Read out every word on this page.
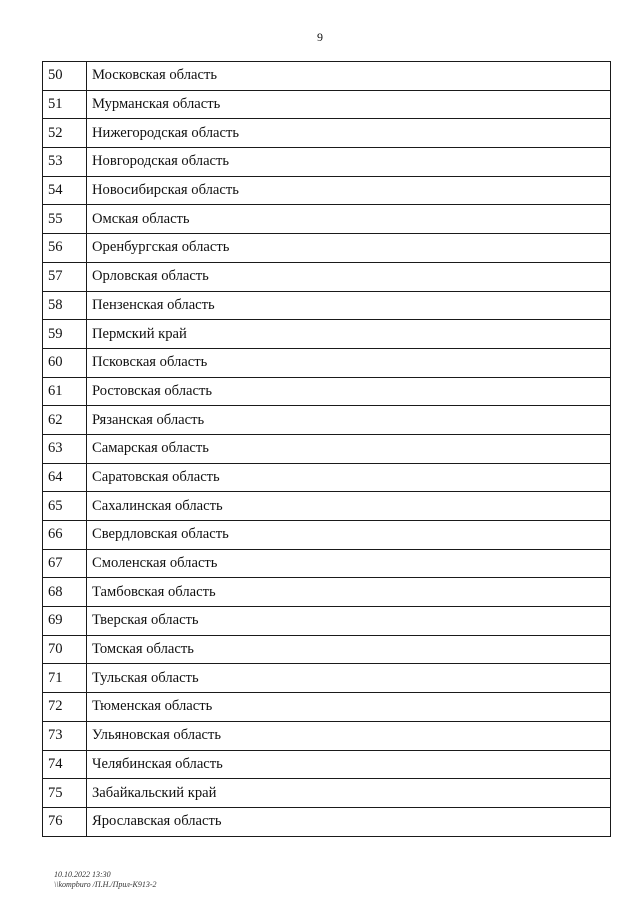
9
50	Московская область
51	Мурманская область
52	Нижегородская область
53	Новгородская область
54	Новосибирская область
55	Омская область
56	Оренбургская область
57	Орловская область
58	Пензенская область
59	Пермский край
60	Псковская область
61	Ростовская область
62	Рязанская область
63	Самарская область
64	Саратовская область
65	Сахалинская область
66	Свердловская область
67	Смоленская область
68	Тамбовская область
69	Тверская область
70	Томская область
71	Тульская область
72	Тюменская область
73	Ульяновская область
74	Челябинская область
75	Забайкальский край
76	Ярославская область
10.10.2022 13:30
\\kompburo /П.Н./Прил-К913-2
